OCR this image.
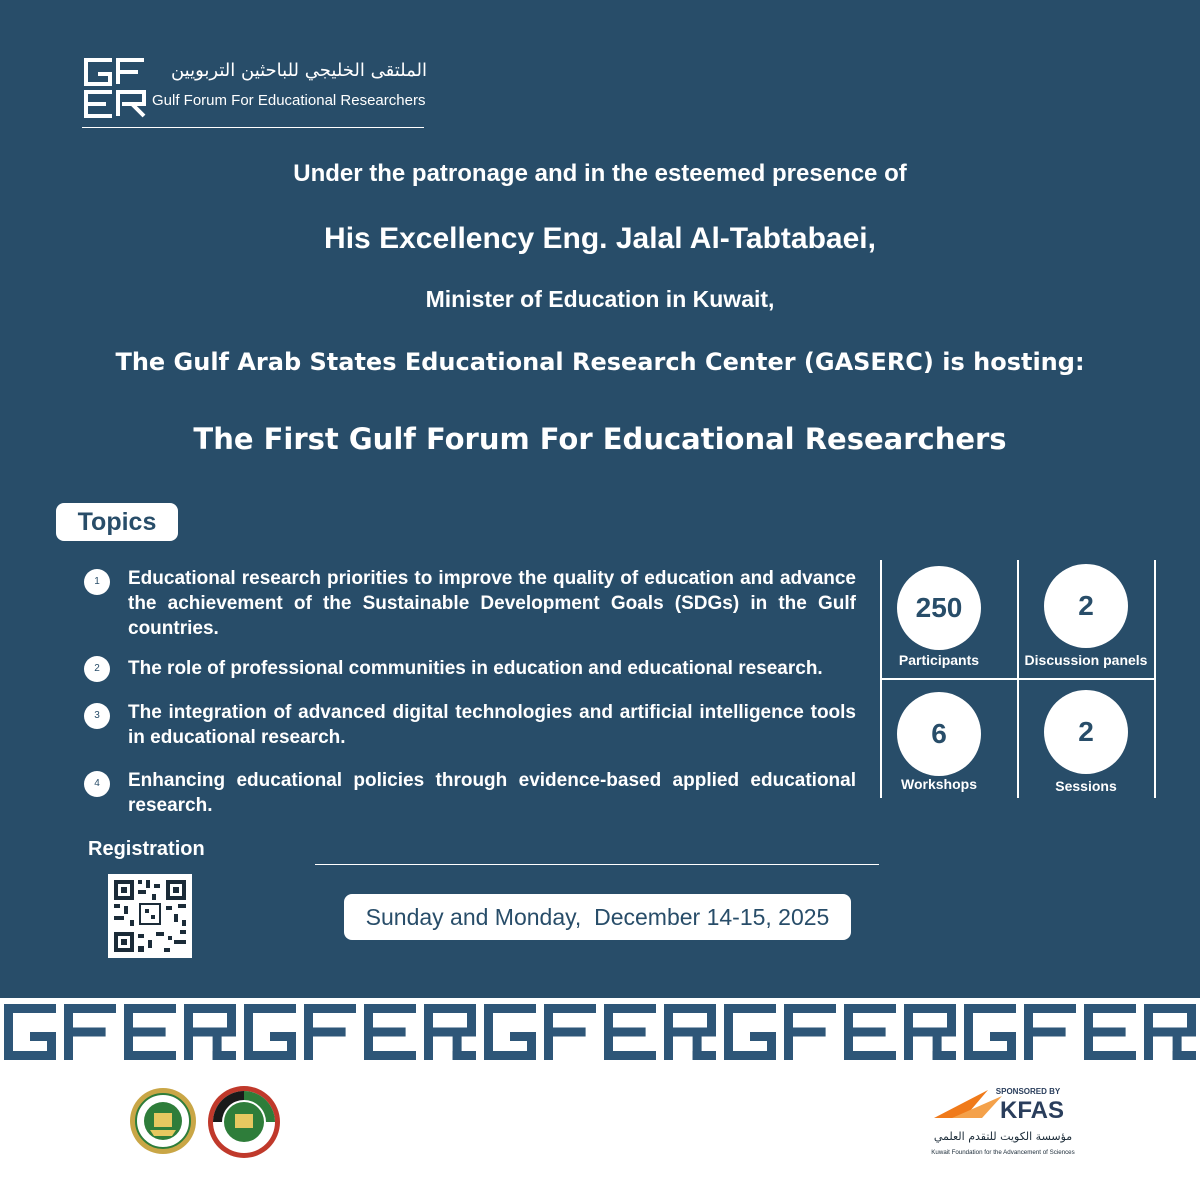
الملتقى الخليجي للباحثين التربويين
Gulf Forum For Educational Researchers
Under the patronage and in the esteemed presence of
His Excellency Eng. Jalal Al-Tabtabaei,
Minister of Education in Kuwait,
The Gulf Arab States Educational Research Center (GASERC) is hosting:
The First Gulf Forum For Educational Researchers
Topics
1	Educational research priorities to improve the quality of education and advance the achievement of the Sustainable Development Goals (SDGs) in the Gulf countries.
2	The role of professional communities in education and educational research.
3	The integration of advanced digital technologies and artificial intelligence tools in educational research.
4	Enhancing educational policies through evidence-based applied educational research.
250
Participants
2
Discussion panels
6
Workshops
2
Sessions
Registration
Sunday and Monday,  December 14-15, 2025
SPONSORED BY
KFAS
مؤسسة الكويت للتقدم العلمي
Kuwait Foundation for the Advancement of Sciences
